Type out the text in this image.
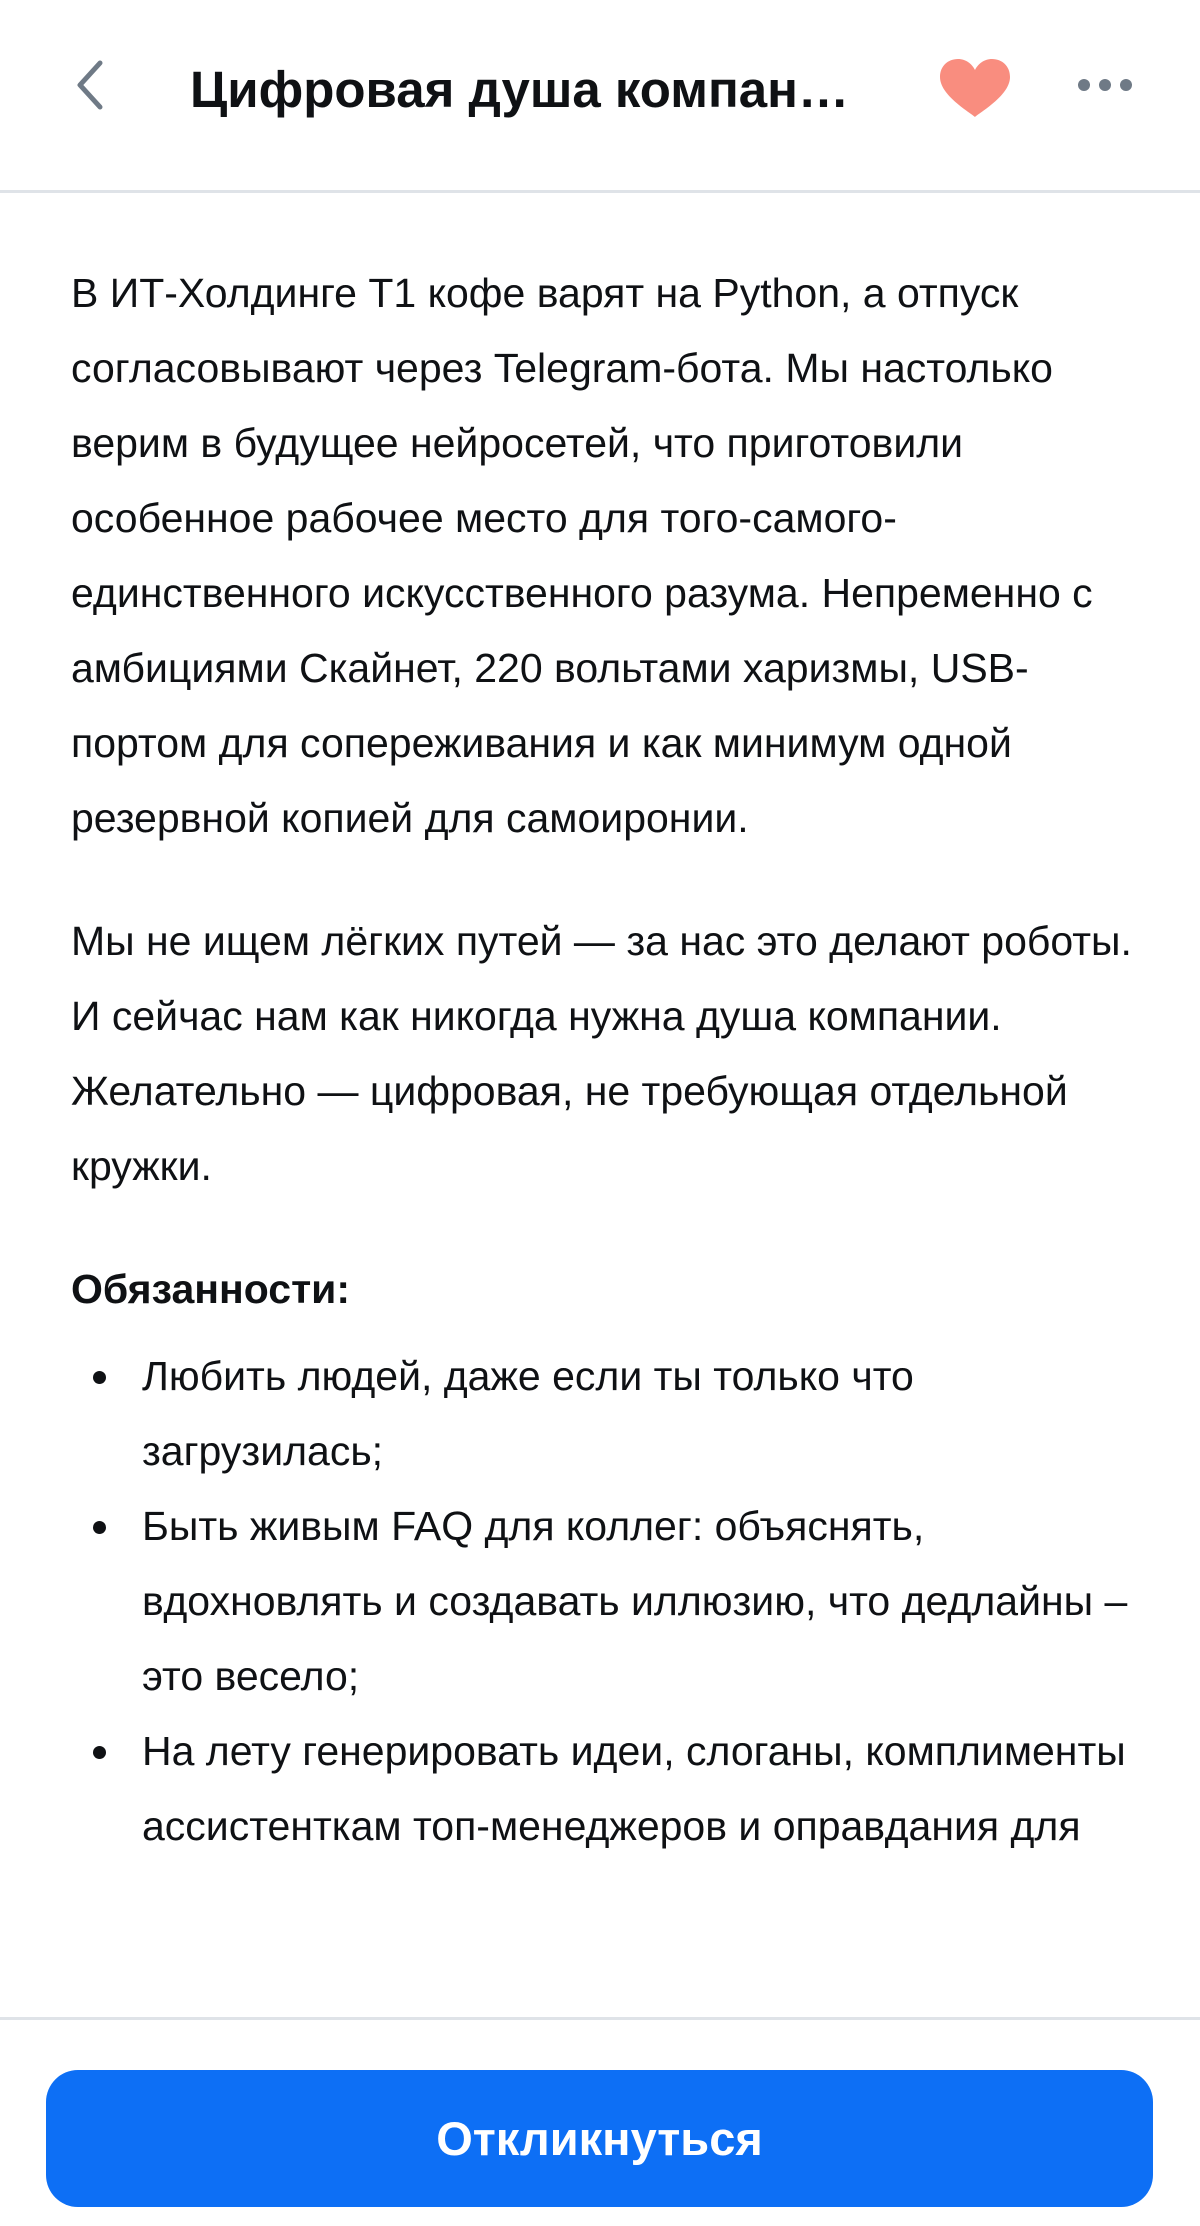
Цифровая душа компан…

В ИТ-Холдинге Т1 кофе варят на Python, а отпуск согласовывают через Telegram-бота. Мы настолько верим в будущее нейросетей, что приготовили особенное рабочее место для того-самого-единственного искусственного разума. Непременно с амбициями Скайнет, 220 вольтами харизмы, USB-портом для сопереживания и как минимум одной резервной копией для самоиронии.

Мы не ищем лёгких путей — за нас это делают роботы. И сейчас нам как никогда нужна душа компании. Желательно — цифровая, не требующая отдельной кружки.

Обязанности:
Любить людей, даже если ты только что загрузилась;
Быть живым FAQ для коллег: объяснять, вдохновлять и создавать иллюзию, что дедлайны – это весело;
На лету генерировать идеи, слоганы, комплименты ассистенткам топ-менеджеров и оправдания для
Откликнуться
